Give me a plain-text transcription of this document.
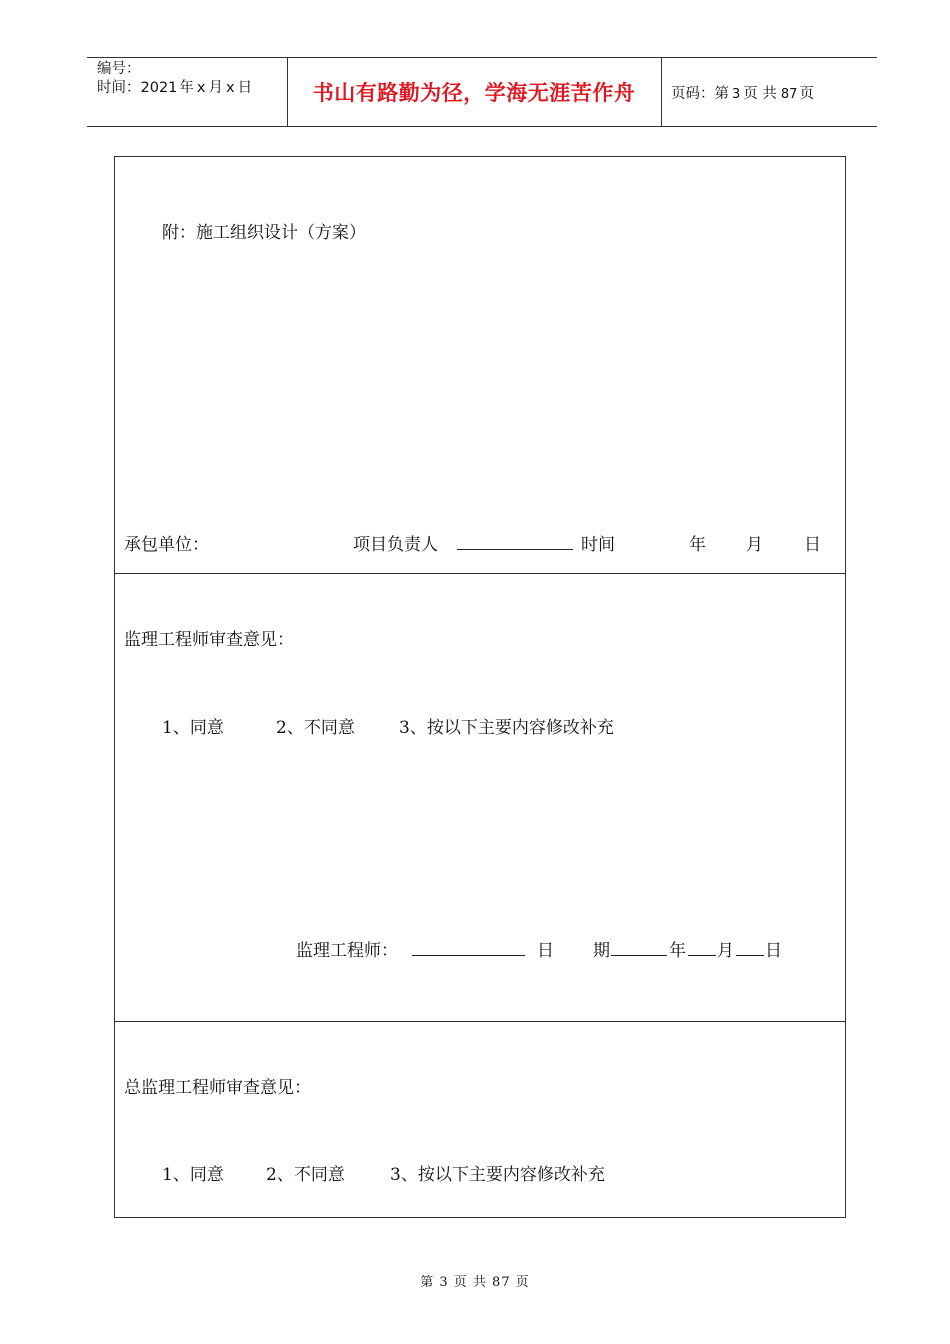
编号：
时间：2021 年 x 月 x 日	书山有路勤为径，学海无涯苦作舟	页码：第 3 页 共 87 页
附：施工组织设计（方案）
承包单位：	项目负责人	时间	年 月 日
监理工程师审查意见：
1、同意	2、不同意	3、按以下主要内容修改补充
监理工程师：	日 期	年 月 日
总监理工程师审查意见：
1、同意 2、不同意	3、按以下主要内容修改补充
第 3 页 共 87 页
